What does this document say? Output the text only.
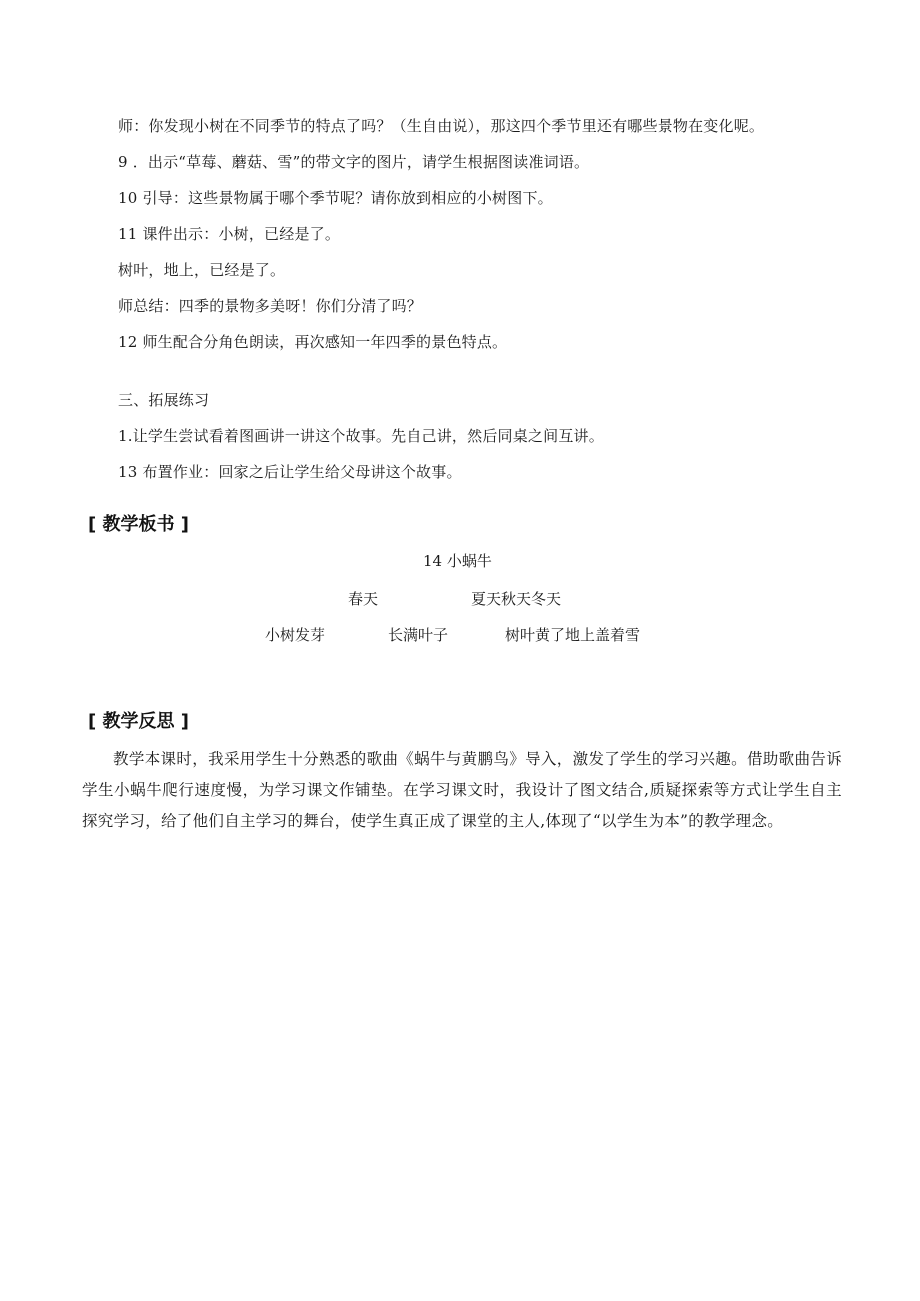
师：你发现小树在不同季节的特点了吗？（生自由说），那这四个季节里还有哪些景物在变化呢。
9 ．出示“草莓、蘑菇、雪”的带文字的图片，请学生根据图读准词语。
10 引导：这些景物属于哪个季节呢？请你放到相应的小树图下。
11 课件出示：小树，已经是了。
树叶，地上，已经是了。
师总结：四季的景物多美呀！你们分清了吗？
12 师生配合分角色朗读，再次感知一年四季的景色特点。
三、拓展练习
1.让学生尝试看着图画讲一讲这个故事。先自己讲，然后同桌之间互讲。
13 布置作业：回家之后让学生给父母讲这个故事。
[ 教学板书 ]
14 小蜗牛
春天	夏天秋天冬天
小树发芽	长满叶子	树叶黄了地上盖着雪
[ 教学反思 ]
教学本课时，我采用学生十分熟悉的歌曲《蜗牛与黄鹏鸟》导入，激发了学生的学习兴趣。借助歌曲告诉学生小蜗牛爬行速度慢，为学习课文作铺垫。在学习课文时，我设计了图文结合,质疑探索等方式让学生自主探究学习，给了他们自主学习的舞台，使学生真正成了课堂的主人,体现了“以学生为本”的教学理念。
